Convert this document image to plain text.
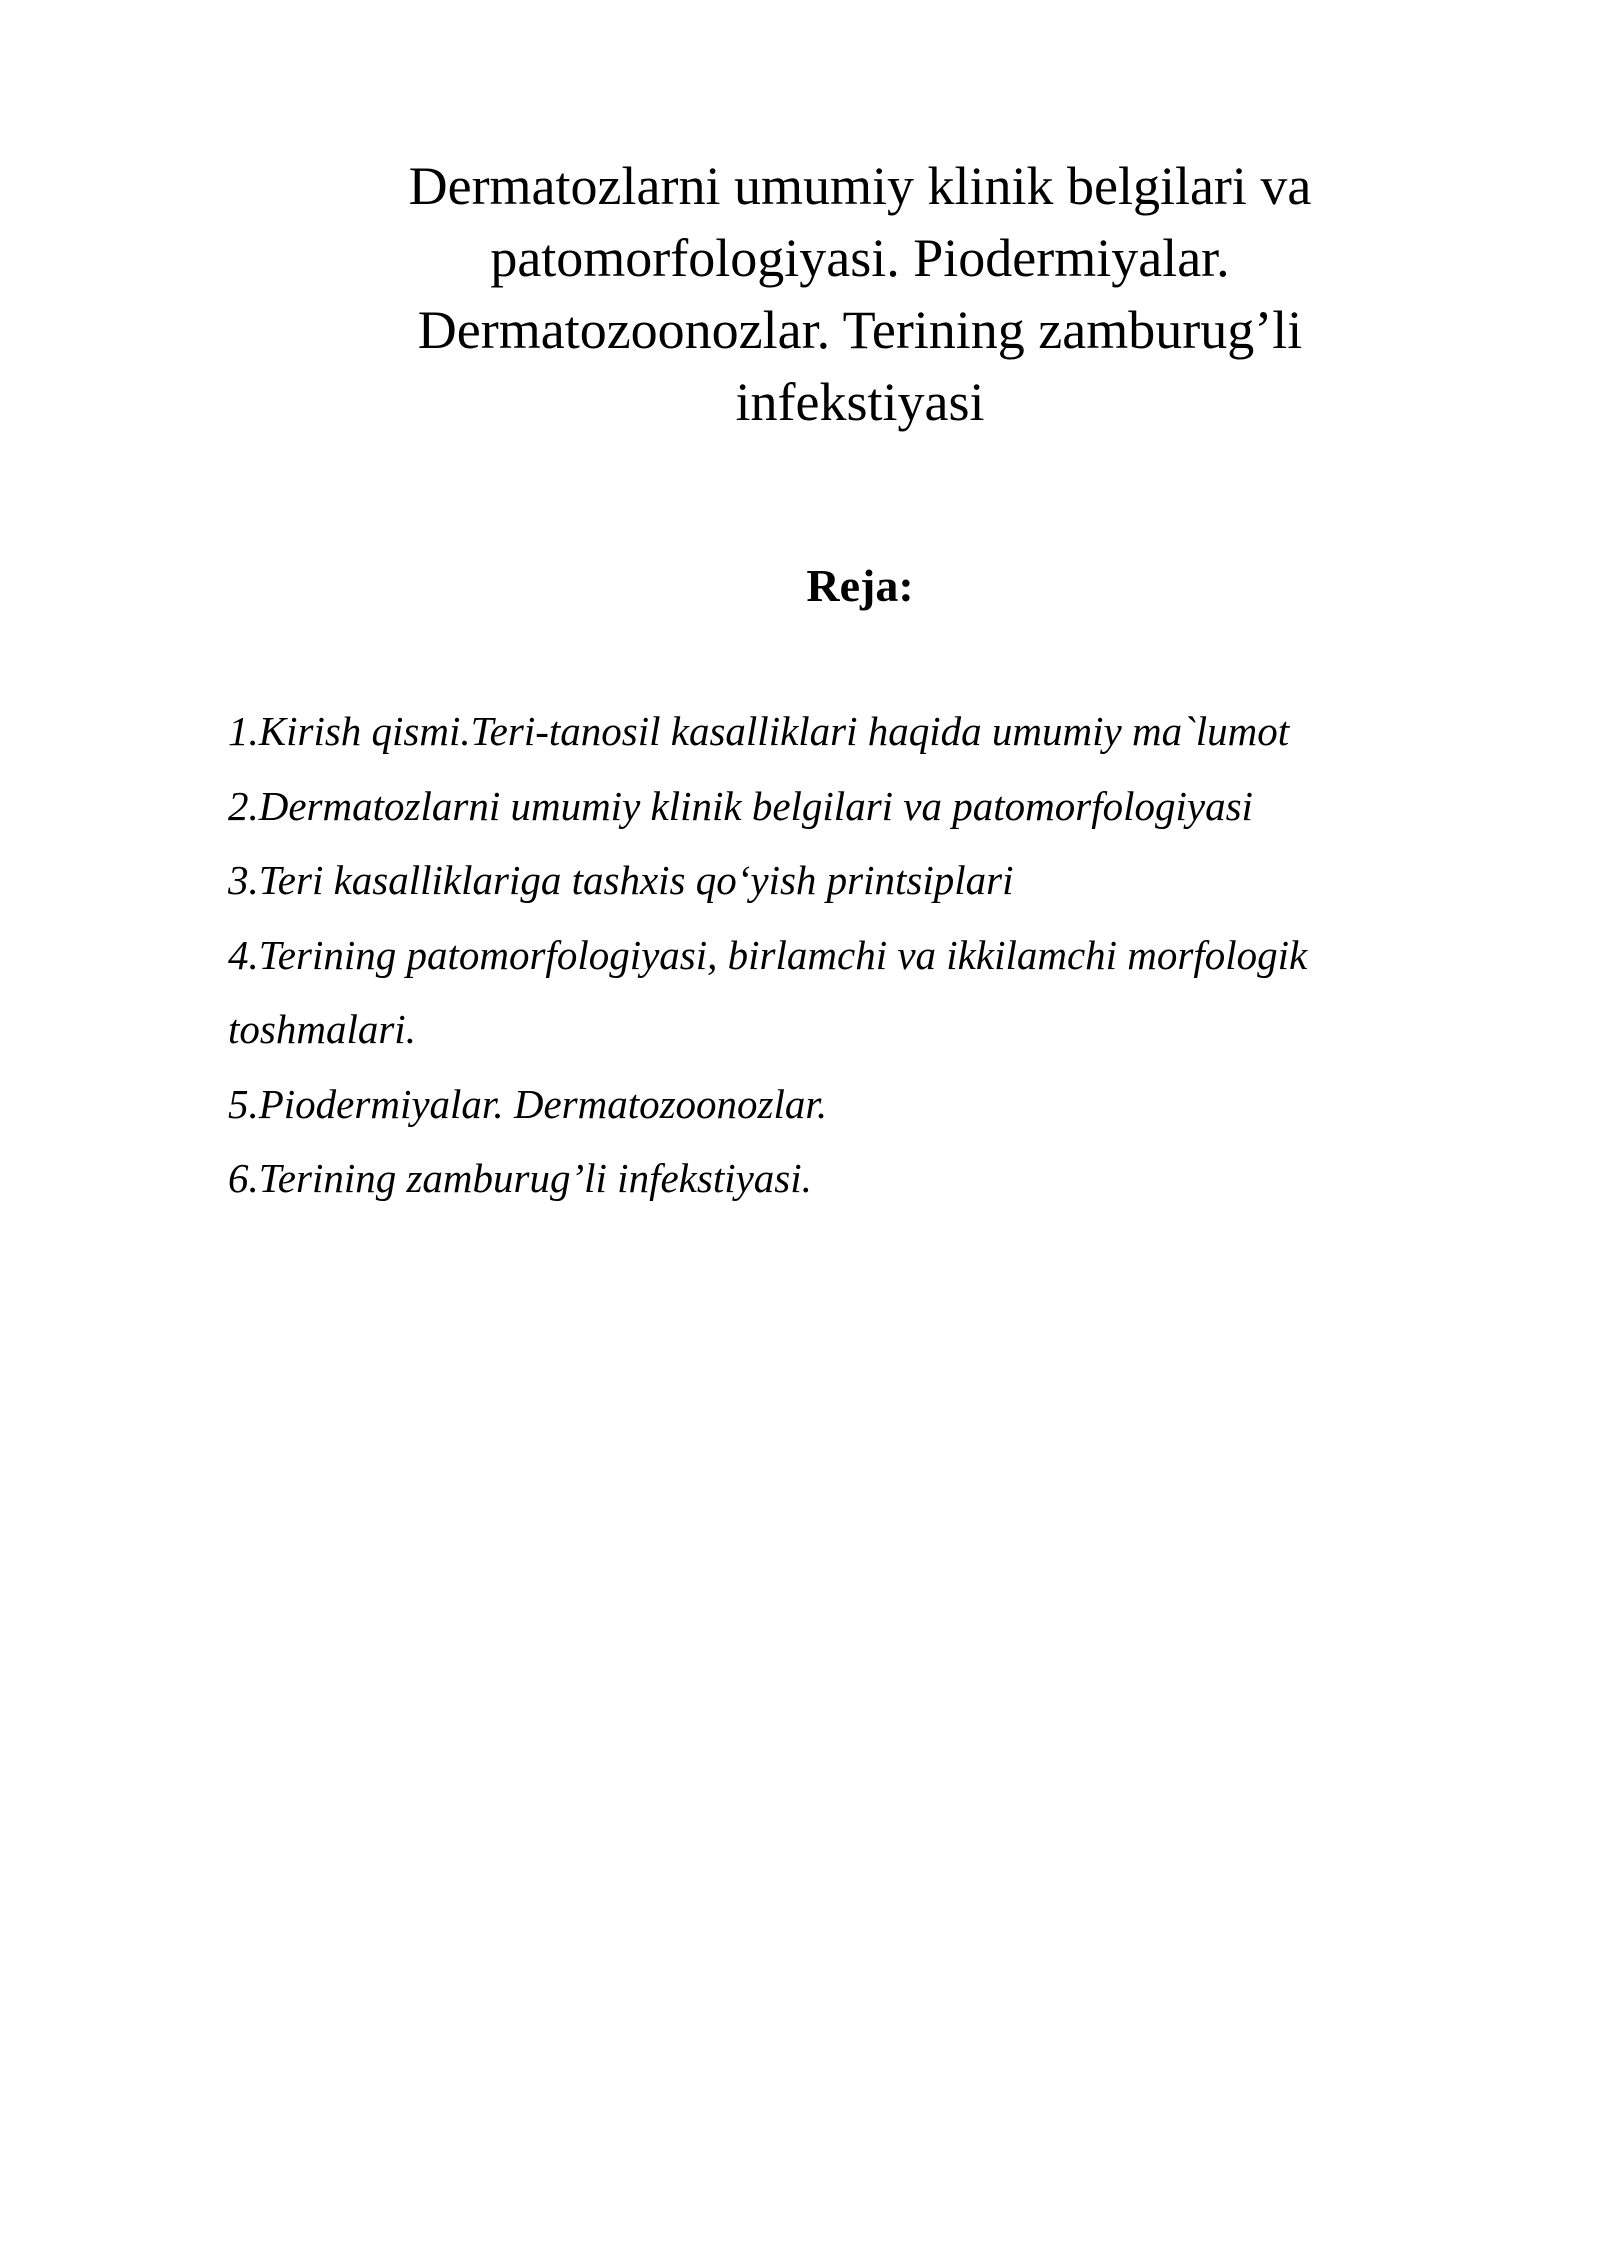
Dermatozlarni umumiy klinik belgilari va
patomorfologiyasi. Piodermiyalar.
Dermatozoonozlar. Terining zamburug’li
infekstiyasi
Reja:
1.Kirish qismi.Teri-tanosil kasalliklari haqida umumiy ma`lumot
2.Dermatozlarni umumiy klinik belgilari va patomorfologiyasi
3.Teri kasalliklariga tashxis qoʻyish printsiplari
4.Terining patomorfologiyasi, birlamchi va ikkilamchi morfologik
toshmalari.
5.Piodermiyalar. Dermatozoonozlar.
6.Terining zamburug’li infekstiyasi.
